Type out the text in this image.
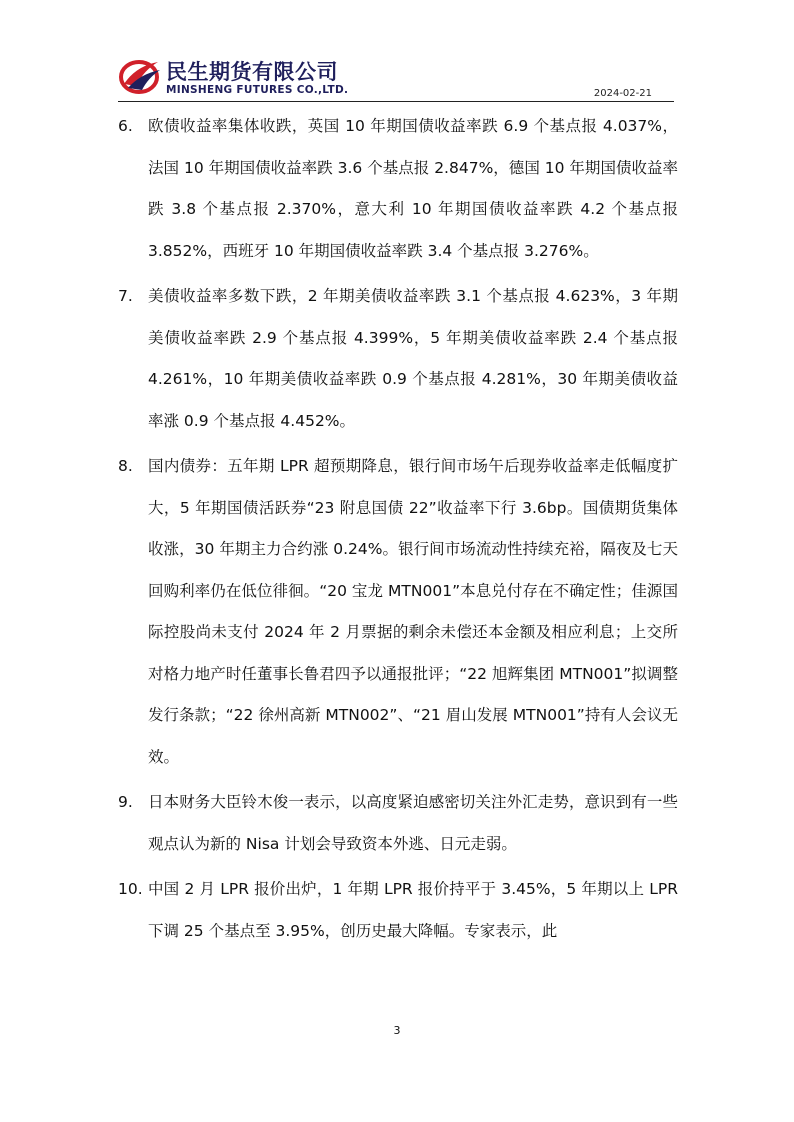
民生期货有限公司
MINSHENG FUTURES CO.,LTD.	2024-02-21
6. 欧债收益率集体收跌，英国 10 年期国债收益率跌 6.9 个基点报 4.037%，法国 10 年期国债收益率跌 3.6 个基点报 2.847%，德国 10 年期国债收益率跌 3.8 个基点报 2.370%，意大利 10 年期国债收益率跌 4.2 个基点报 3.852%，西班牙 10 年期国债收益率跌 3.4 个基点报 3.276%。
7. 美债收益率多数下跌，2 年期美债收益率跌 3.1 个基点报 4.623%，3 年期美债收益率跌 2.9 个基点报 4.399%，5 年期美债收益率跌 2.4 个基点报 4.261%，10 年期美债收益率跌 0.9 个基点报 4.281%，30 年期美债收益率涨 0.9 个基点报 4.452%。
8. 国内债券：五年期 LPR 超预期降息，银行间市场午后现券收益率走低幅度扩大，5 年期国债活跃券“23 附息国债 22”收益率下行 3.6bp。国债期货集体收涨，30 年期主力合约涨 0.24%。银行间市场流动性持续充裕，隔夜及七天回购利率仍在低位徘徊。“20 宝龙 MTN001”本息兑付存在不确定性；佳源国际控股尚未支付 2024 年 2 月票据的剩余未偿还本金额及相应利息；上交所对格力地产时任董事长鲁君四予以通报批评；“22 旭辉集团 MTN001”拟调整发行条款；“22 徐州高新 MTN002”、“21 眉山发展 MTN001”持有人会议无效。
9. 日本财务大臣铃木俊一表示，以高度紧迫感密切关注外汇走势，意识到有一些观点认为新的 Nisa 计划会导致资本外逃、日元走弱。
10. 中国 2 月 LPR 报价出炉，1 年期 LPR 报价持平于 3.45%，5 年期以上 LPR 下调 25 个基点至 3.95%，创历史最大降幅。专家表示，此
3
